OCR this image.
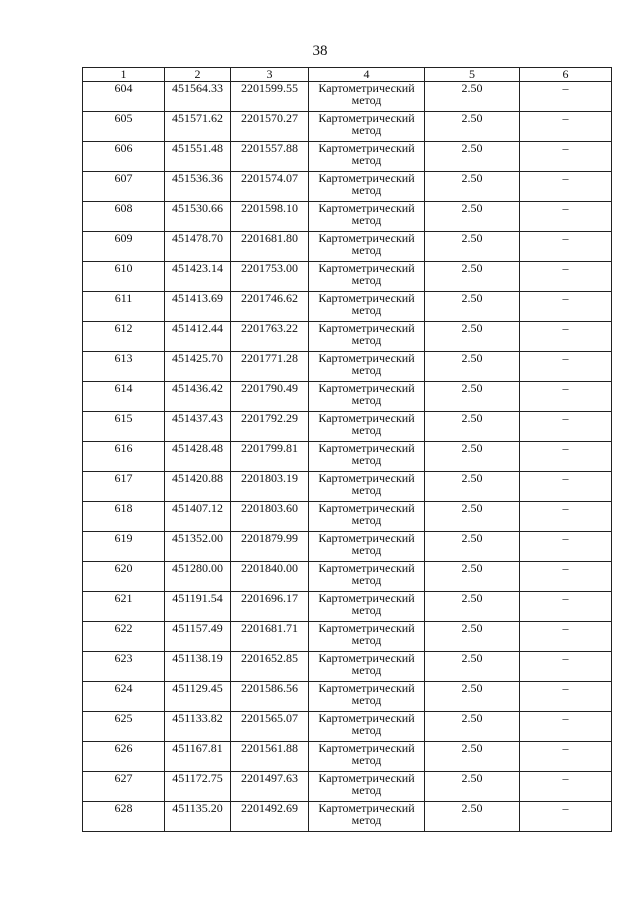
38
1	2	3	4	5	6
604	451564.33	2201599.55	Картометрический метод	2.50	–
605	451571.62	2201570.27	Картометрический метод	2.50	–
606	451551.48	2201557.88	Картометрический метод	2.50	–
607	451536.36	2201574.07	Картометрический метод	2.50	–
608	451530.66	2201598.10	Картометрический метод	2.50	–
609	451478.70	2201681.80	Картометрический метод	2.50	–
610	451423.14	2201753.00	Картометрический метод	2.50	–
611	451413.69	2201746.62	Картометрический метод	2.50	–
612	451412.44	2201763.22	Картометрический метод	2.50	–
613	451425.70	2201771.28	Картометрический метод	2.50	–
614	451436.42	2201790.49	Картометрический метод	2.50	–
615	451437.43	2201792.29	Картометрический метод	2.50	–
616	451428.48	2201799.81	Картометрический метод	2.50	–
617	451420.88	2201803.19	Картометрический метод	2.50	–
618	451407.12	2201803.60	Картометрический метод	2.50	–
619	451352.00	2201879.99	Картометрический метод	2.50	–
620	451280.00	2201840.00	Картометрический метод	2.50	–
621	451191.54	2201696.17	Картометрический метод	2.50	–
622	451157.49	2201681.71	Картометрический метод	2.50	–
623	451138.19	2201652.85	Картометрический метод	2.50	–
624	451129.45	2201586.56	Картометрический метод	2.50	–
625	451133.82	2201565.07	Картометрический метод	2.50	–
626	451167.81	2201561.88	Картометрический метод	2.50	–
627	451172.75	2201497.63	Картометрический метод	2.50	–
628	451135.20	2201492.69	Картометрический метод	2.50	–
